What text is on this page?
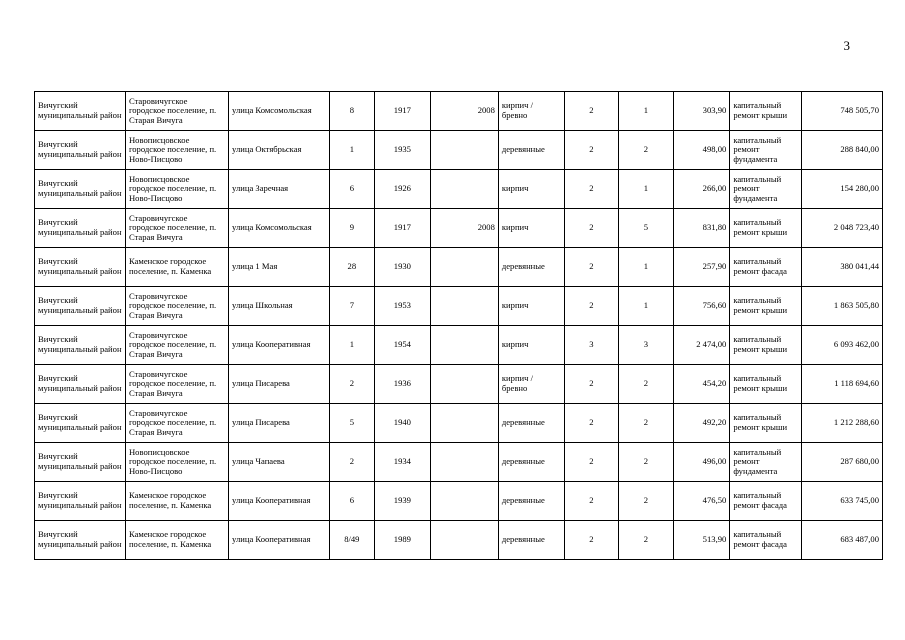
3
Вичугский муниципальный район	Старовичугское городское поселение, п. Старая Вичуга	улица Комсомольская	8	1917	2008	кирпич / бревно	2	1	303,90	капитальный ремонт крыши	748 505,70
Вичугский муниципальный район	Новописцовское городское поселение, п. Ново-Писцово	улица Октябрьская	1	1935		деревянные	2	2	498,00	капитальный ремонт фундамента	288 840,00
Вичугский муниципальный район	Новописцовское городское поселение, п. Ново-Писцово	улица Заречная	6	1926		кирпич	2	1	266,00	капитальный ремонт фундамента	154 280,00
Вичугский муниципальный район	Старовичугское городское поселение, п. Старая Вичуга	улица Комсомольская	9	1917	2008	кирпич	2	5	831,80	капитальный ремонт крыши	2 048 723,40
Вичугский муниципальный район	Каменское городское поселение, п. Каменка	улица 1 Мая	28	1930		деревянные	2	1	257,90	капитальный ремонт фасада	380 041,44
Вичугский муниципальный район	Старовичугское городское поселение, п. Старая Вичуга	улица Школьная	7	1953		кирпич	2	1	756,60	капитальный ремонт крыши	1 863 505,80
Вичугский муниципальный район	Старовичугское городское поселение, п. Старая Вичуга	улица Кооперативная	1	1954		кирпич	3	3	2 474,00	капитальный ремонт крыши	6 093 462,00
Вичугский муниципальный район	Старовичугское городское поселение, п. Старая Вичуга	улица Писарева	2	1936		кирпич / бревно	2	2	454,20	капитальный ремонт крыши	1 118 694,60
Вичугский муниципальный район	Старовичугское городское поселение, п. Старая Вичуга	улица Писарева	5	1940		деревянные	2	2	492,20	капитальный ремонт крыши	1 212 288,60
Вичугский муниципальный район	Новописцовское городское поселение, п. Ново-Писцово	улица Чапаева	2	1934		деревянные	2	2	496,00	капитальный ремонт фундамента	287 680,00
Вичугский муниципальный район	Каменское городское поселение, п. Каменка	улица Кооперативная	6	1939		деревянные	2	2	476,50	капитальный ремонт фасада	633 745,00
Вичугский муниципальный район	Каменское городское поселение, п. Каменка	улица Кооперативная	8/49	1989		деревянные	2	2	513,90	капитальный ремонт фасада	683 487,00
